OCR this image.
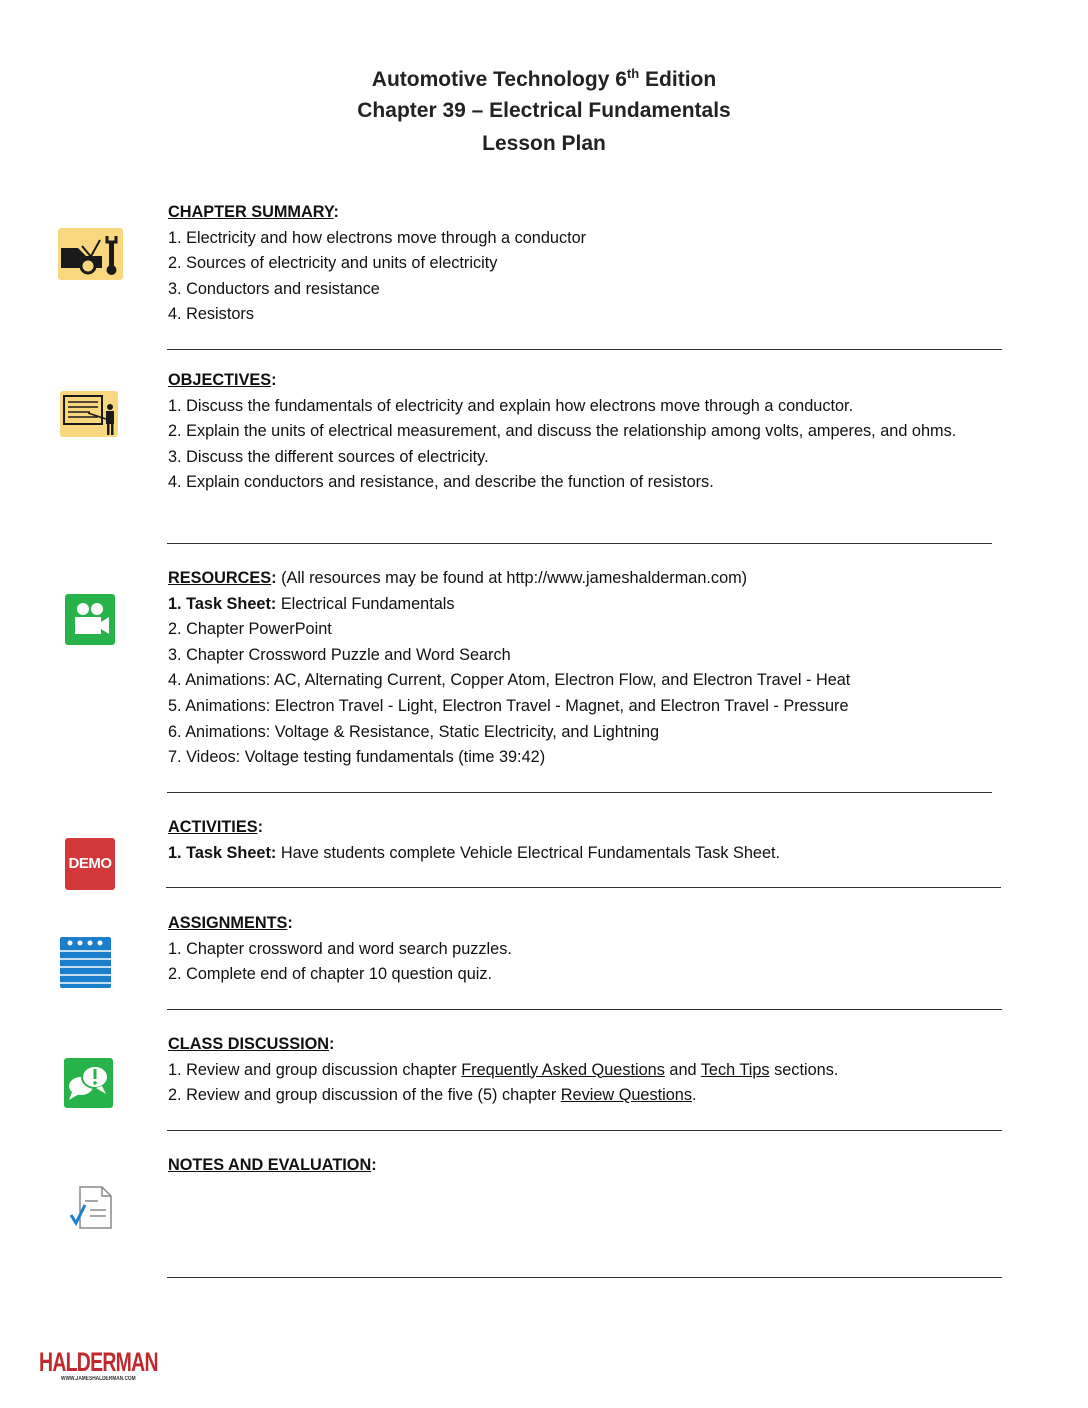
Automotive Technology 6th Edition
Chapter 39 – Electrical Fundamentals
Lesson Plan
CHAPTER SUMMARY:
1. Electricity and how electrons move through a conductor
2. Sources of electricity and units of electricity
3. Conductors and resistance
4. Resistors
OBJECTIVES:
1. Discuss the fundamentals of electricity and explain how electrons move through a conductor.
2. Explain the units of electrical measurement, and discuss the relationship among volts, amperes, and ohms.
3. Discuss the different sources of electricity.
4. Explain conductors and resistance, and describe the function of resistors.
RESOURCES: (All resources may be found at http://www.jameshalderman.com)
1. Task Sheet: Electrical Fundamentals
2. Chapter PowerPoint
3. Chapter Crossword Puzzle and Word Search
4. Animations: AC, Alternating Current, Copper Atom, Electron Flow, and Electron Travel - Heat
5. Animations: Electron Travel - Light, Electron Travel - Magnet, and Electron Travel - Pressure
6. Animations: Voltage & Resistance, Static Electricity, and Lightning
7. Videos: Voltage testing fundamentals (time 39:42)
DEMO
ACTIVITIES:
1. Task Sheet: Have students complete Vehicle Electrical Fundamentals Task Sheet.
ASSIGNMENTS:
1. Chapter crossword and word search puzzles.
2. Complete end of chapter 10 question quiz.
CLASS DISCUSSION:
1. Review and group discussion chapter Frequently Asked Questions and Tech Tips sections.
2. Review and group discussion of the five (5) chapter Review Questions.
NOTES AND EVALUATION:
HALDERMAN
WWW.JAMESHALDERMAN.COM
